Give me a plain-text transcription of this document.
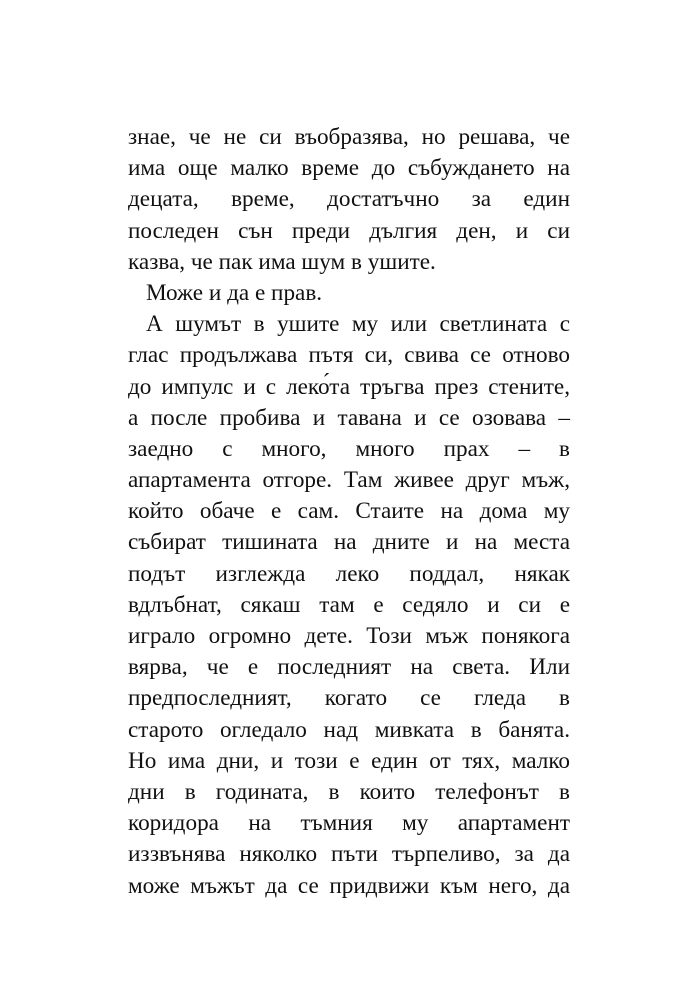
знае, че не си въобразява, но решава, че
има още малко време до събуждането на
децата, време, достатъчно за един
последен сън преди дългия ден, и си
казва, че пак има шум в ушите.
Може и да е прав.
А шумът в ушите му или светлината с
глас продължава пътя си, свива се отново
до импулс и с леко́та тръгва през стените,
а после пробива и тавана и се озовава –
заедно с много, много прах – в
апартамента отгоре. Там живее друг мъж,
който обаче е сам. Стаите на дома му
събират тишината на дните и на места
подът изглежда леко поддал, някак
вдлъбнат, сякаш там е седяло и си е
играло огромно дете. Този мъж понякога
вярва, че е последният на света. Или
предпоследният, когато се гледа в
старото огледало над мивката в банята.
Но има дни, и този е един от тях, малко
дни в годината, в които телефонът в
коридора на тъмния му апартамент
иззвънява няколко пъти търпеливо, за да
може мъжът да се придвижи към него, да
